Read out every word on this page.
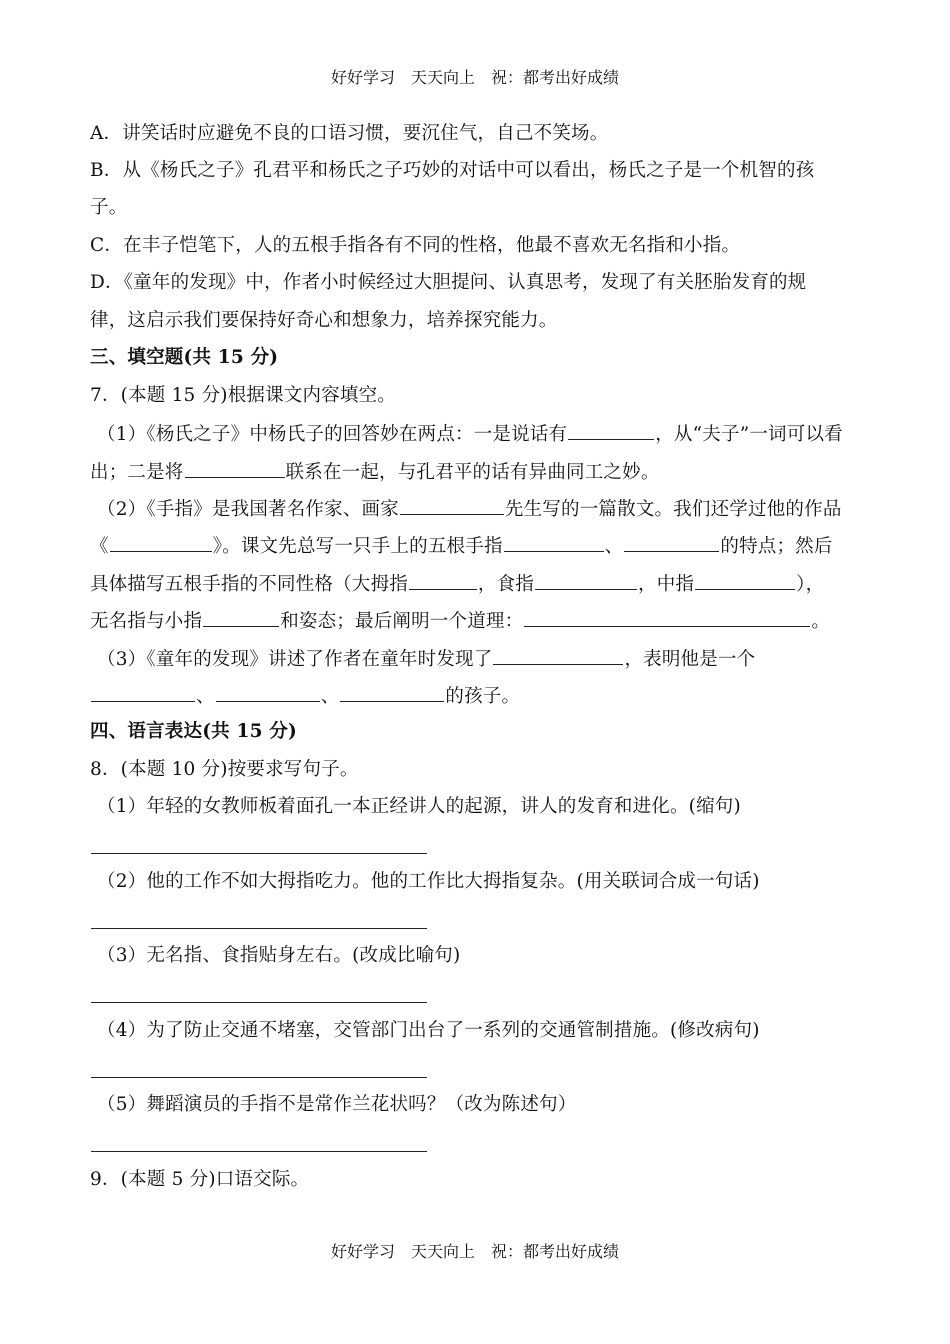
好好学习　天天向上　祝：都考出好成绩
A．讲笑话时应避免不良的口语习惯，要沉住气，自己不笑场。
B．从《杨氏之子》孔君平和杨氏之子巧妙的对话中可以看出，杨氏之子是一个机智的孩
子。
C．在丰子恺笔下，人的五根手指各有不同的性格，他最不喜欢无名指和小指。
D．《童年的发现》中，作者小时候经过大胆提问、认真思考，发现了有关胚胎发育的规
律，这启示我们要保持好奇心和想象力，培养探究能力。
三、填空题(共 15 分)
7．(本题 15 分)根据课文内容填空。
（1）《杨氏之子》中杨氏子的回答妙在两点：一是说话有	，从“夫子”一词可以看
出；二是将	联系在一起，与孔君平的话有异曲同工之妙。
（2）《手指》是我国著名作家、画家	先生写的一篇散文。我们还学过他的作品
《	》。课文先总写一只手上的五根手指	、	的特点；然后
具体描写五根手指的不同性格（大拇指	，食指	，中指	），
无名指与小指	和姿态；最后阐明一个道理：	。
（3）《童年的发现》讲述了作者在童年时发现了	，表明他是一个
、	、	的孩子。
四、语言表达(共 15 分)
8．(本题 10 分)按要求写句子。
（1）年轻的女教师板着面孔一本正经讲人的起源，讲人的发育和进化。(缩句)
（2）他的工作不如大拇指吃力。他的工作比大拇指复杂。(用关联词合成一句话)
（3）无名指、食指贴身左右。(改成比喻句)
（4）为了防止交通不堵塞，交管部门出台了一系列的交通管制措施。(修改病句)
（5）舞蹈演员的手指不是常作兰花状吗？（改为陈述句）
9．(本题 5 分)口语交际。
好好学习　天天向上　祝：都考出好成绩
